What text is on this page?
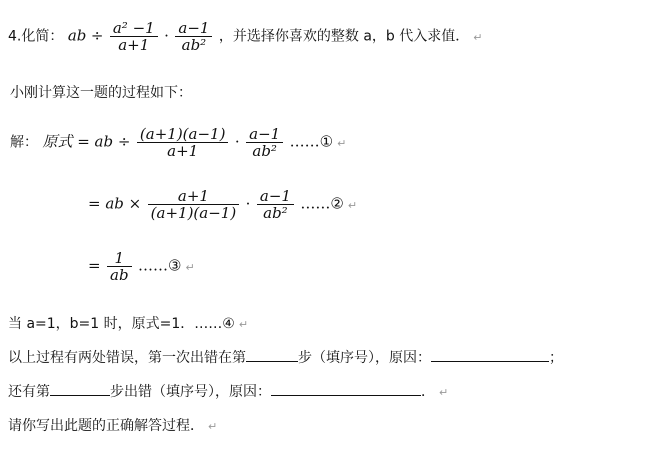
4.化简： ab ÷ $\frac{\text{a² −1}}{a+1} \cdot \frac{a-1}{\text{ab²}}$ ，并选择你喜欢的整数 a，b 代入求值． ↵
小刚计算这一题的过程如下：
解： 原式 = ab ÷ $\frac{(a+1)(a-1)}{a+1} \cdot \frac{a-1}{\text{ab²}}$ ……① ↵
= ab × $\frac{a+1}{(a+1)(a-1)} \cdot \frac{a-1}{\text{ab²}}$ ……② ↵
= $\frac{1}{ab}$ ……③ ↵
当 a=1，b=1 时，原式=1．……④ ↵
以上过程有两处错误，第一次出错在第	步（填序号），原因：	；
还有第	步出错（填序号），原因：	． ↵
请你写出此题的正确解答过程． ↵
